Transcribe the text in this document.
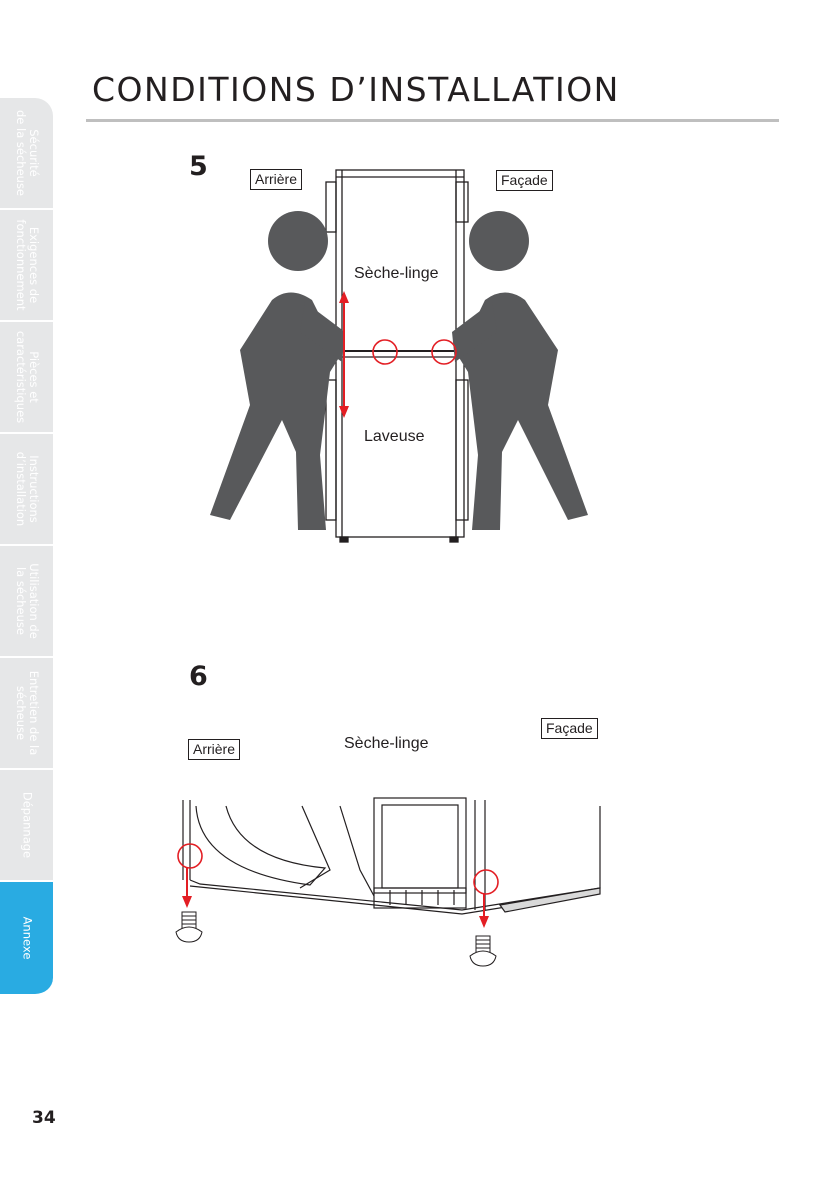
CONDITIONS D’INSTALLATION
Sécurité
de la sécheuse
Exigences de
fonctionnement
Pièces et
caractéristiques
Instructions
d’installation
Utilisation de
la sécheuse
Entretien de la
sécheuse
Dépannage
Annexe
5	Arrière	Façade
Sèche-linge
Laveuse
6
Façade
Arrière	Sèche-linge
34
